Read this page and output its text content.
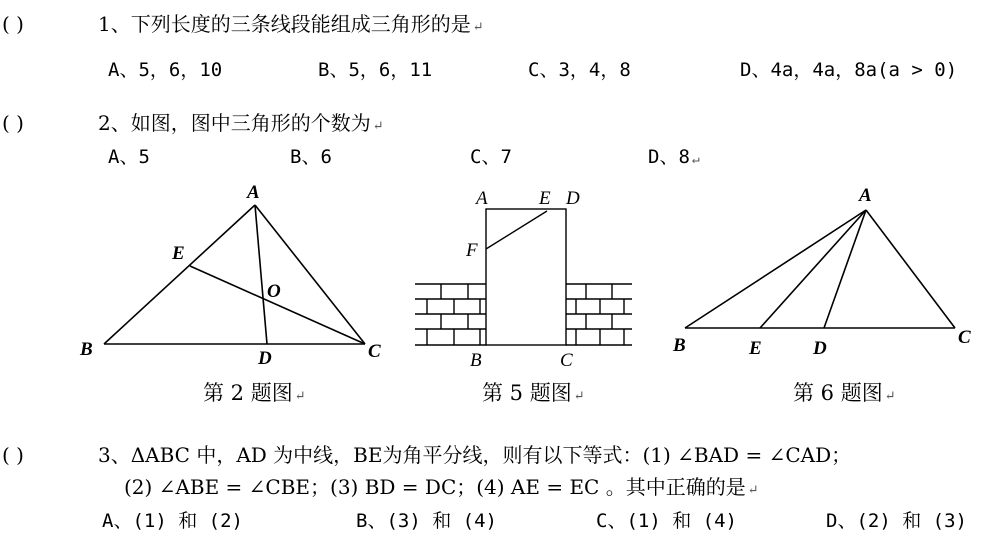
( )	1、下列长度的三条线段能组成三角形的是 ↵
A、5，6，10	B、5，6，11	C、3，4，8	D、4a，4a，8a(a > 0)
( )	2、如图，图中三角形的个数为 ↵
A、5	B、6	C、7	D、8 ↵
A
B	C
D
E
O
A	E D
F
B	C
A
B	E	D
C
第 2 题图 ↵	第 5 题图 ↵	第 6 题图 ↵
( )	3、ΔABC 中，AD 为中线，BE为角平分线，则有以下等式：(1) ∠BAD = ∠CAD；
(2) ∠ABE = ∠CBE；(3) BD = DC；(4) AE = EC 。其中正确的是 ↵
A、(1) 和 (2)	B、(3) 和 (4)	C、(1) 和 (4)	D、(2) 和 (3)
